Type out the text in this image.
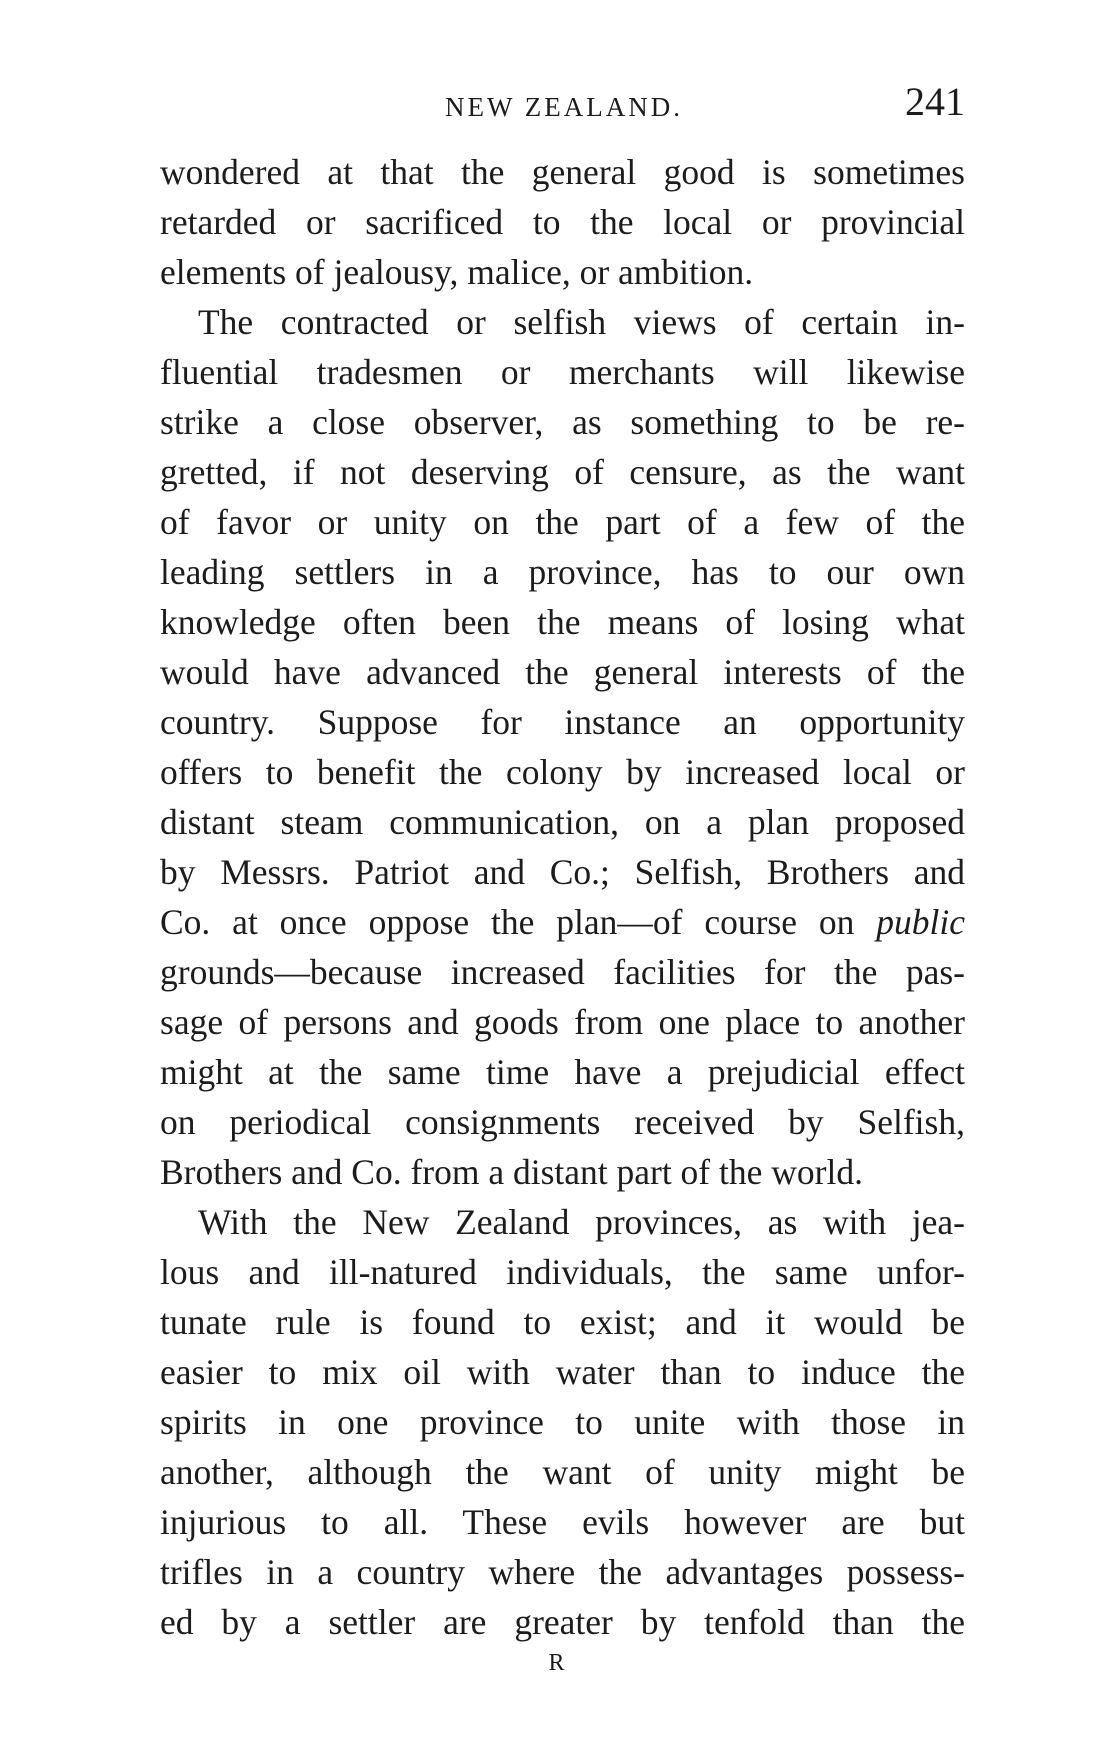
NEW ZEALAND.	241
wondered at that the general good is sometimes
retarded or sacrificed to the local or provincial
elements of jealousy, malice, or ambition.
The contracted or selfish views of certain in-
fluential tradesmen or merchants will likewise
strike a close observer, as something to be re-
gretted, if not deserving of censure, as the want
of favor or unity on the part of a few of the
leading settlers in a province, has to our own
knowledge often been the means of losing what
would have advanced the general interests of the
country. Suppose for instance an opportunity
offers to benefit the colony by increased local or
distant steam communication, on a plan proposed
by Messrs. Patriot and Co.; Selfish, Brothers and
Co. at once oppose the plan—of course on public
grounds—because increased facilities for the pas-
sage of persons and goods from one place to another
might at the same time have a prejudicial effect
on periodical consignments received by Selfish,
Brothers and Co. from a distant part of the world.
With the New Zealand provinces, as with jea-
lous and ill-natured individuals, the same unfor-
tunate rule is found to exist; and it would be
easier to mix oil with water than to induce the
spirits in one province to unite with those in
another, although the want of unity might be
injurious to all. These evils however are but
trifles in a country where the advantages possess-
ed by a settler are greater by tenfold than the
R
